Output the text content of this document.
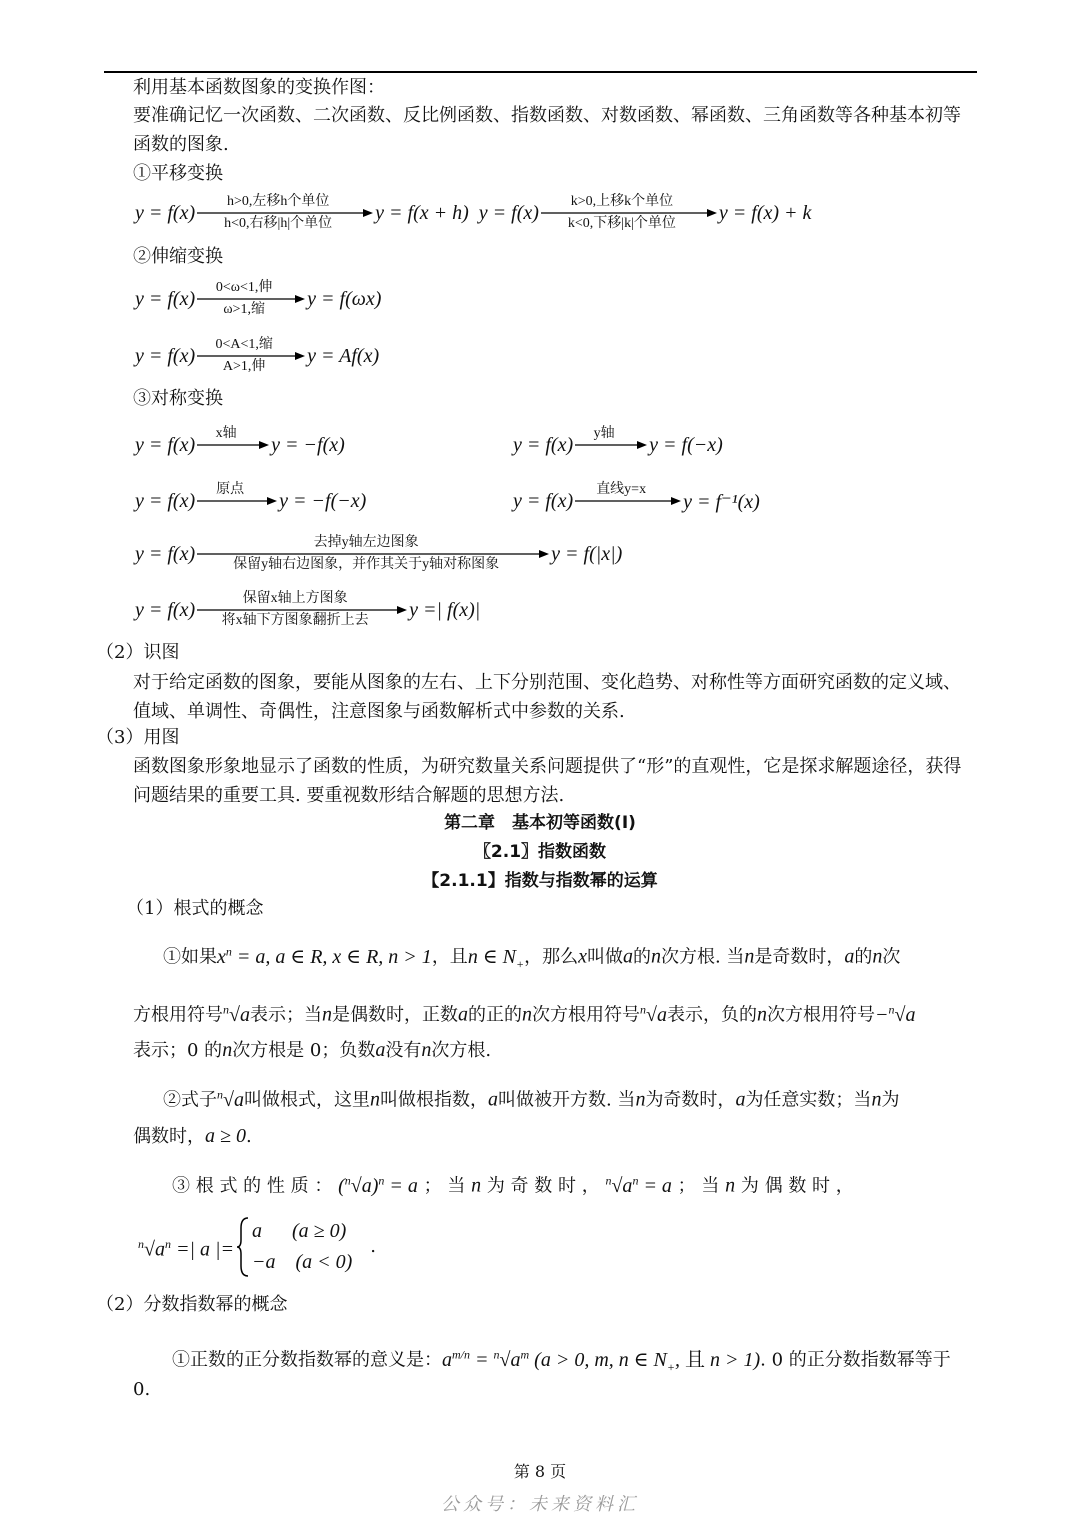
利用基本函数图象的变换作图：
要准确记忆一次函数、二次函数、反比例函数、指数函数、对数函数、幂函数、三角函数等各种基本初等函数的图象.
①平移变换
y = f(x)	h>0,左移h个单位
h<0,右移|h|个单位	y = f(x + h) y = f(x)	k>0,上移k个单位
k<0,下移|k|个单位	y = f(x) + k
②伸缩变换
y = f(x)	0<ω<1,伸
ω>1,缩	y = f(ωx)
y = f(x)	0<A<1,缩
A>1,伸	y = Af(x)
③对称变换
y = f(x)	x轴	y = −f(x)	y = f(x)	y轴	y = f(−x)
y = f(x)	原点	y = −f(−x)	y = f(x)	直线y=x
y = f⁻¹(x)
y = f(x)	去掉y轴左边图象
保留y轴右边图象，并作其关于y轴对称图象	y = f(|x|)
y = f(x)	保留x轴上方图象
将x轴下方图象翻折上去	y =| f(x)|
（2）识图
对于给定函数的图象，要能从图象的左右、上下分别范围、变化趋势、对称性等方面研究函数的定义域、值域、单调性、奇偶性，注意图象与函数解析式中参数的关系.
（3）用图
函数图象形象地显示了函数的性质，为研究数量关系问题提供了“形”的直观性，它是探求解题途径，获得问题结果的重要工具. 要重视数形结合解题的思想方法.
第二章　基本初等函数(Ⅰ)
〖2.1〗指数函数
【2.1.1】指数与指数幂的运算
（1）根式的概念
①如果$x^n = a$, a ∈ R, x ∈ R, n > 1，且n ∈ $N_+$，那么x叫做a的n次方根. 当n是奇数时，a的n次
方根用符号$^n$√a表示；当n是偶数时，正数a的正的n次方根用符号$^n$√a表示，负的n次方根用符号−$^n$√a
表示；0 的n次方根是 0；负数a没有n次方根.
②式子$^n$√a叫做根式，这里n叫做根指数，a叫做被开方数. 当n为奇数时，a为任意实数；当n为
偶数时，a ≥ 0.
③ 根 式 的 性 质 ： $(^n√a)^n = a$ ； 当 n 为 奇 数 时 ， $^n√a^n = a$ ； 当 n 为 偶 数 时 ，
$^n√a^n$ =| a |=
a　  (a ≥ 0)
−a　(a < 0)
.
（2）分数指数幂的概念
①正数的正分数指数幂的意义是：$a^{m/n} = ^n√a^m$ (a > 0, m, n ∈ $N_+$, 且 n > 1). 0 的正分数指数幂等于
0.
第 8 页
公众号：未来资料汇
